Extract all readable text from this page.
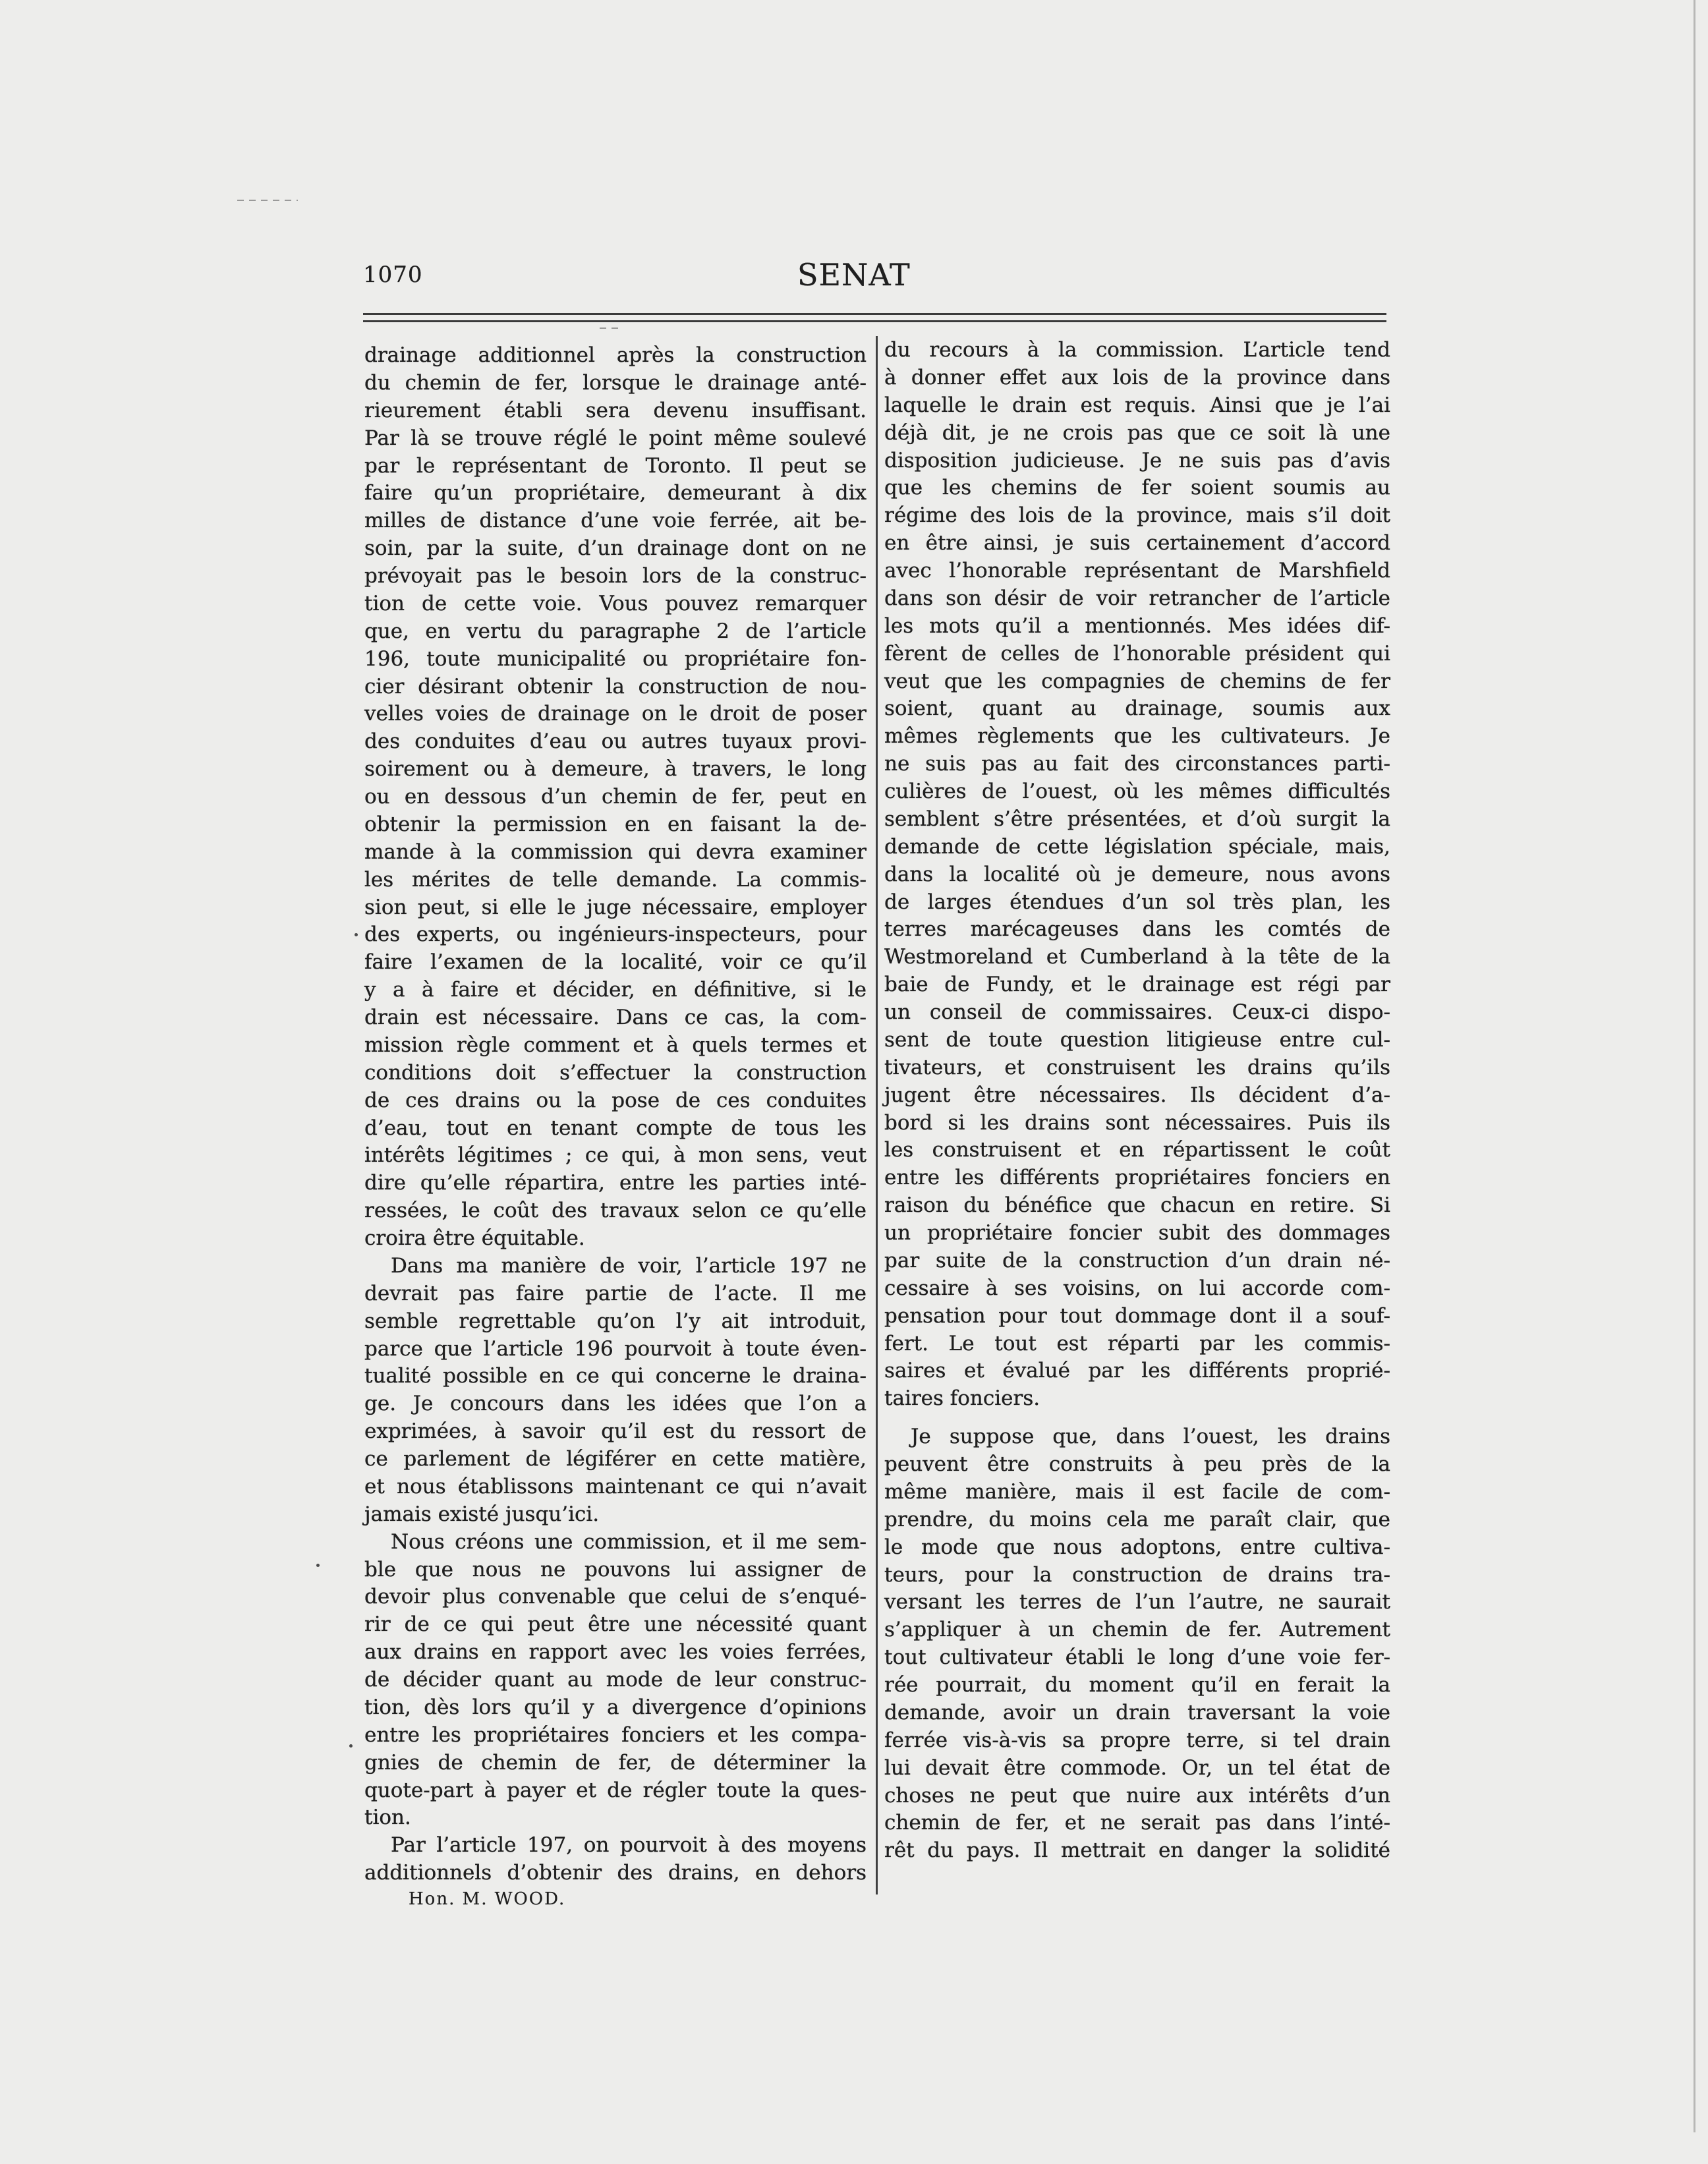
1070	SENAT
drainage additionnel après la construction
du chemin de fer, lorsque le drainage anté-
rieurement établi sera devenu insuffisant.
Par là se trouve réglé le point même soulevé
par le représentant de Toronto. Il peut se
faire qu’un propriétaire, demeurant à dix
milles de distance d’une voie ferrée, ait be-
soin, par la suite, d’un drainage dont on ne
prévoyait pas le besoin lors de la construc-
tion de cette voie. Vous pouvez remarquer
que, en vertu du paragraphe 2 de l’article
196, toute municipalité ou propriétaire fon-
cier désirant obtenir la construction de nou-
velles voies de drainage on le droit de poser
des conduites d’eau ou autres tuyaux provi-
soirement ou à demeure, à travers, le long
ou en dessous d’un chemin de fer, peut en
obtenir la permission en en faisant la de-
mande à la commission qui devra examiner
les mérites de telle demande. La commis-
sion peut, si elle le juge nécessaire, employer
des experts, ou ingénieurs-inspecteurs, pour
faire l’examen de la localité, voir ce qu’il
y a à faire et décider, en définitive, si le
drain est nécessaire. Dans ce cas, la com-
mission règle comment et à quels termes et
conditions doit s’effectuer la construction
de ces drains ou la pose de ces conduites
d’eau, tout en tenant compte de tous les
intérêts légitimes ; ce qui, à mon sens, veut
dire qu’elle répartira, entre les parties inté-
ressées, le coût des travaux selon ce qu’elle
croira être équitable.
Dans ma manière de voir, l’article 197 ne
devrait pas faire partie de l’acte. Il me
semble regrettable qu’on l’y ait introduit,
parce que l’article 196 pourvoit à toute éven-
tualité possible en ce qui concerne le draina-
ge. Je concours dans les idées que l’on a
exprimées, à savoir qu’il est du ressort de
ce parlement de légiférer en cette matière,
et nous établissons maintenant ce qui n’avait
jamais existé jusqu’ici.
Nous créons une commission, et il me sem-
ble que nous ne pouvons lui assigner de
devoir plus convenable que celui de s’enqué-
rir de ce qui peut être une nécessité quant
aux drains en rapport avec les voies ferrées,
de décider quant au mode de leur construc-
tion, dès lors qu’il y a divergence d’opinions
entre les propriétaires fonciers et les compa-
gnies de chemin de fer, de déterminer la
quote-part à payer et de régler toute la ques-
tion.
Par l’article 197, on pourvoit à des moyens
additionnels d’obtenir des drains, en dehors
du recours à la commission. L’article tend
à donner effet aux lois de la province dans
laquelle le drain est requis. Ainsi que je l’ai
déjà dit, je ne crois pas que ce soit là une
disposition judicieuse. Je ne suis pas d’avis
que les chemins de fer soient soumis au
régime des lois de la province, mais s’il doit
en être ainsi, je suis certainement d’accord
avec l’honorable représentant de Marshfield
dans son désir de voir retrancher de l’article
les mots qu’il a mentionnés. Mes idées dif-
fèrent de celles de l’honorable président qui
veut que les compagnies de chemins de fer
soient, quant au drainage, soumis aux
mêmes règlements que les cultivateurs. Je
ne suis pas au fait des circonstances parti-
culières de l’ouest, où les mêmes difficultés
semblent s’être présentées, et d’où surgit la
demande de cette législation spéciale, mais,
dans la localité où je demeure, nous avons
de larges étendues d’un sol très plan, les
terres marécageuses dans les comtés de
Westmoreland et Cumberland à la tête de la
baie de Fundy, et le drainage est régi par
un conseil de commissaires. Ceux-ci dispo-
sent de toute question litigieuse entre cul-
tivateurs, et construisent les drains qu’ils
jugent être nécessaires. Ils décident d’a-
bord si les drains sont nécessaires. Puis ils
les construisent et en répartissent le coût
entre les différents propriétaires fonciers en
raison du bénéfice que chacun en retire. Si
un propriétaire foncier subit des dommages
par suite de la construction d’un drain né-
cessaire à ses voisins, on lui accorde com-
pensation pour tout dommage dont il a souf-
fert. Le tout est réparti par les commis-
saires et évalué par les différents proprié-
taires fonciers.
Je suppose que, dans l’ouest, les drains
peuvent être construits à peu près de la
même manière, mais il est facile de com-
prendre, du moins cela me paraît clair, que
le mode que nous adoptons, entre cultiva-
teurs, pour la construction de drains tra-
versant les terres de l’un l’autre, ne saurait
s’appliquer à un chemin de fer. Autrement
tout cultivateur établi le long d’une voie fer-
rée pourrait, du moment qu’il en ferait la
demande, avoir un drain traversant la voie
ferrée vis-à-vis sa propre terre, si tel drain
lui devait être commode. Or, un tel état de
choses ne peut que nuire aux intérêts d’un
chemin de fer, et ne serait pas dans l’inté-
rêt du pays. Il mettrait en danger la solidité
Hon. M. WOOD.
